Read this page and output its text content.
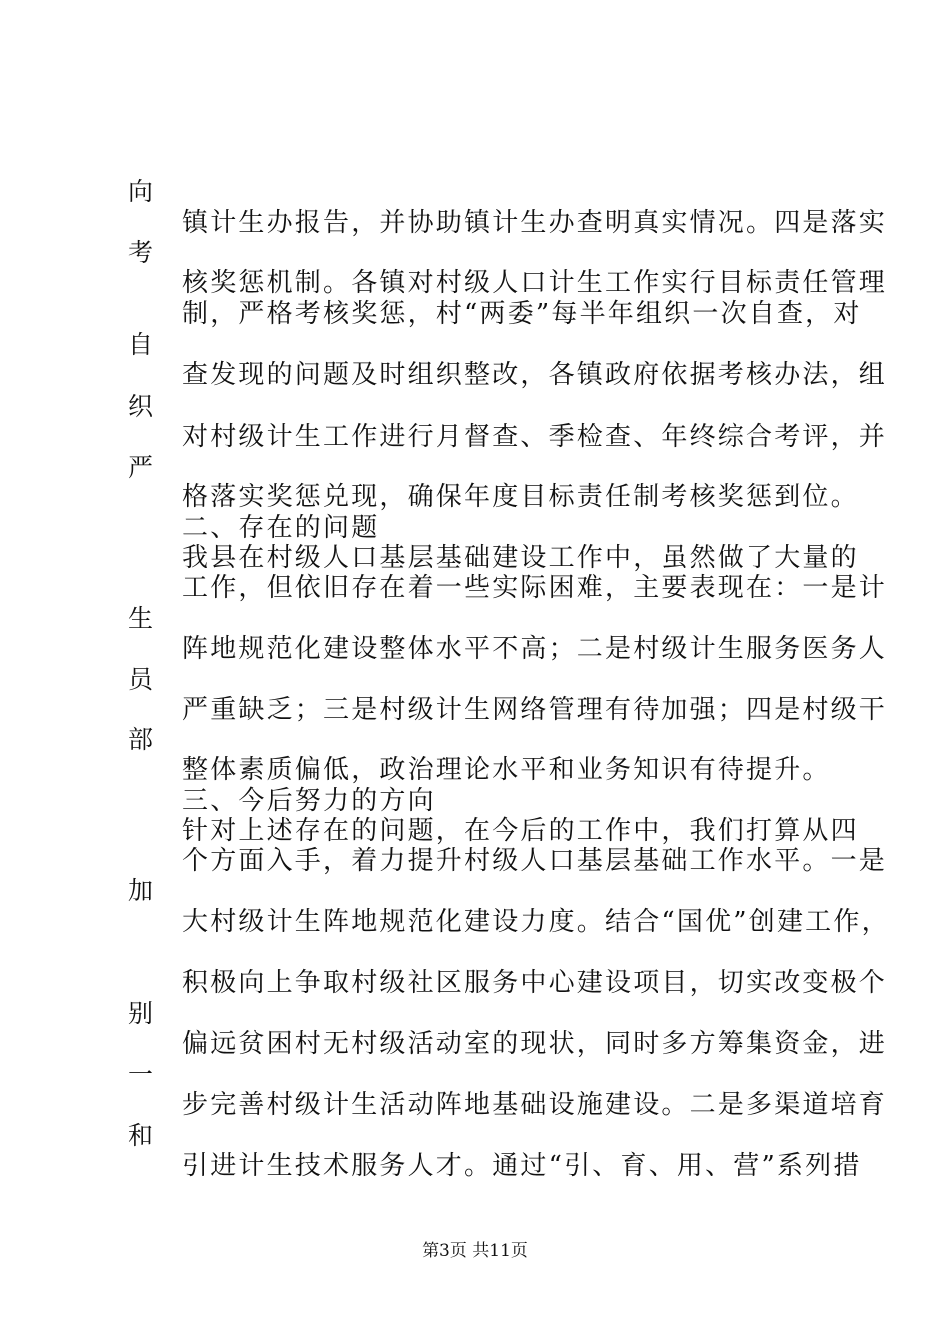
向
考
自
织
严
生
员
部
加
别
一
和
镇计生办报告，并协助镇计生办查明真实情况。四是落实
核奖惩机制。各镇对村级人口计生工作实行目标责任管理
制，严格考核奖惩，村“两委”每半年组织一次自查，对
查发现的问题及时组织整改，各镇政府依据考核办法，组
对村级计生工作进行月督查、季检查、年终综合考评，并
格落实奖惩兑现，确保年度目标责任制考核奖惩到位。
二、存在的问题
我县在村级人口基层基础建设工作中，虽然做了大量的
工作，但依旧存在着一些实际困难，主要表现在：一是计
阵地规范化建设整体水平不高；二是村级计生服务医务人
严重缺乏；三是村级计生网络管理有待加强；四是村级干
整体素质偏低，政治理论水平和业务知识有待提升。
三、今后努力的方向
针对上述存在的问题，在今后的工作中，我们打算从四
个方面入手，着力提升村级人口基层基础工作水平。一是
大村级计生阵地规范化建设力度。结合“国优”创建工作，
积极向上争取村级社区服务中心建设项目，切实改变极个
偏远贫困村无村级活动室的现状，同时多方筹集资金，进
步完善村级计生活动阵地基础设施建设。二是多渠道培育
引进计生技术服务人才。通过“引、育、用、营”系列措
第3页 共11页
